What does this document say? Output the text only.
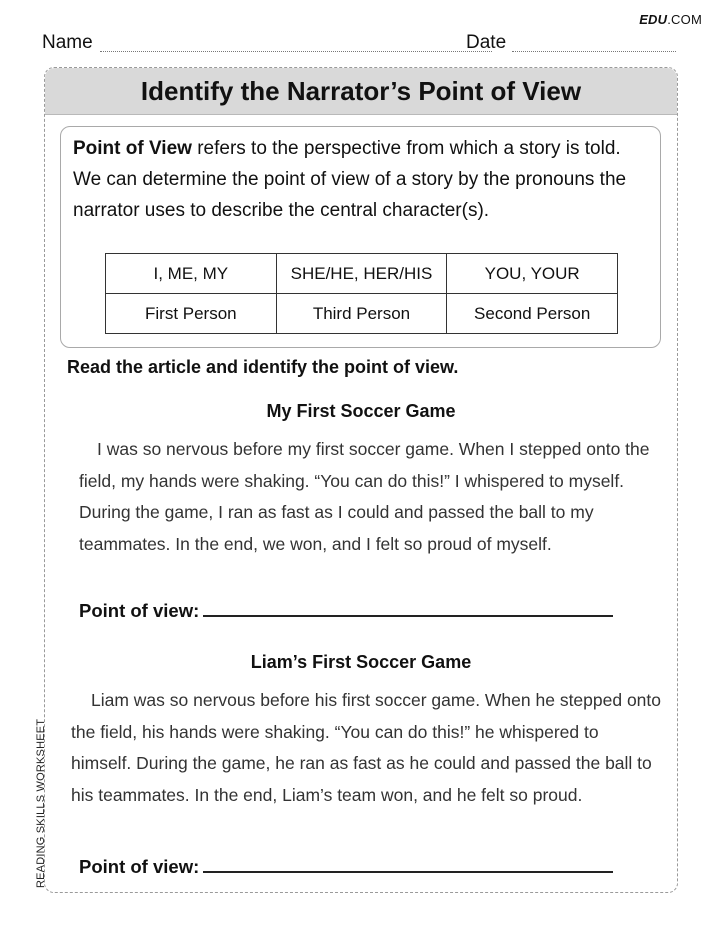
EDU.COM
Name	Date
Identify the Narrator’s Point of View
Point of View refers to the perspective from which a story is told. We can determine the point of view of a story by the pronouns the narrator uses to describe the central character(s).
I, ME, MY	SHE/HE, HER/HIS	YOU, YOUR
First Person	Third Person	Second Person
Read the article and identify the point of view.
My First Soccer Game
I was so nervous before my first soccer game. When I stepped onto the field, my hands were shaking. “You can do this!” I whispered to myself. During the game, I ran as fast as I could and passed the ball to my teammates. In the end, we won, and I felt so proud of myself.
Point of view:
Liam’s First Soccer Game
Liam was so nervous before his first soccer game. When he stepped onto the field, his hands were shaking. “You can do this!” he whispered to himself. During the game, he ran as fast as he could and passed the ball to his teammates. In the end, Liam’s team won, and he felt so proud.
Point of view:
READING SKILLS WORKSHEET
